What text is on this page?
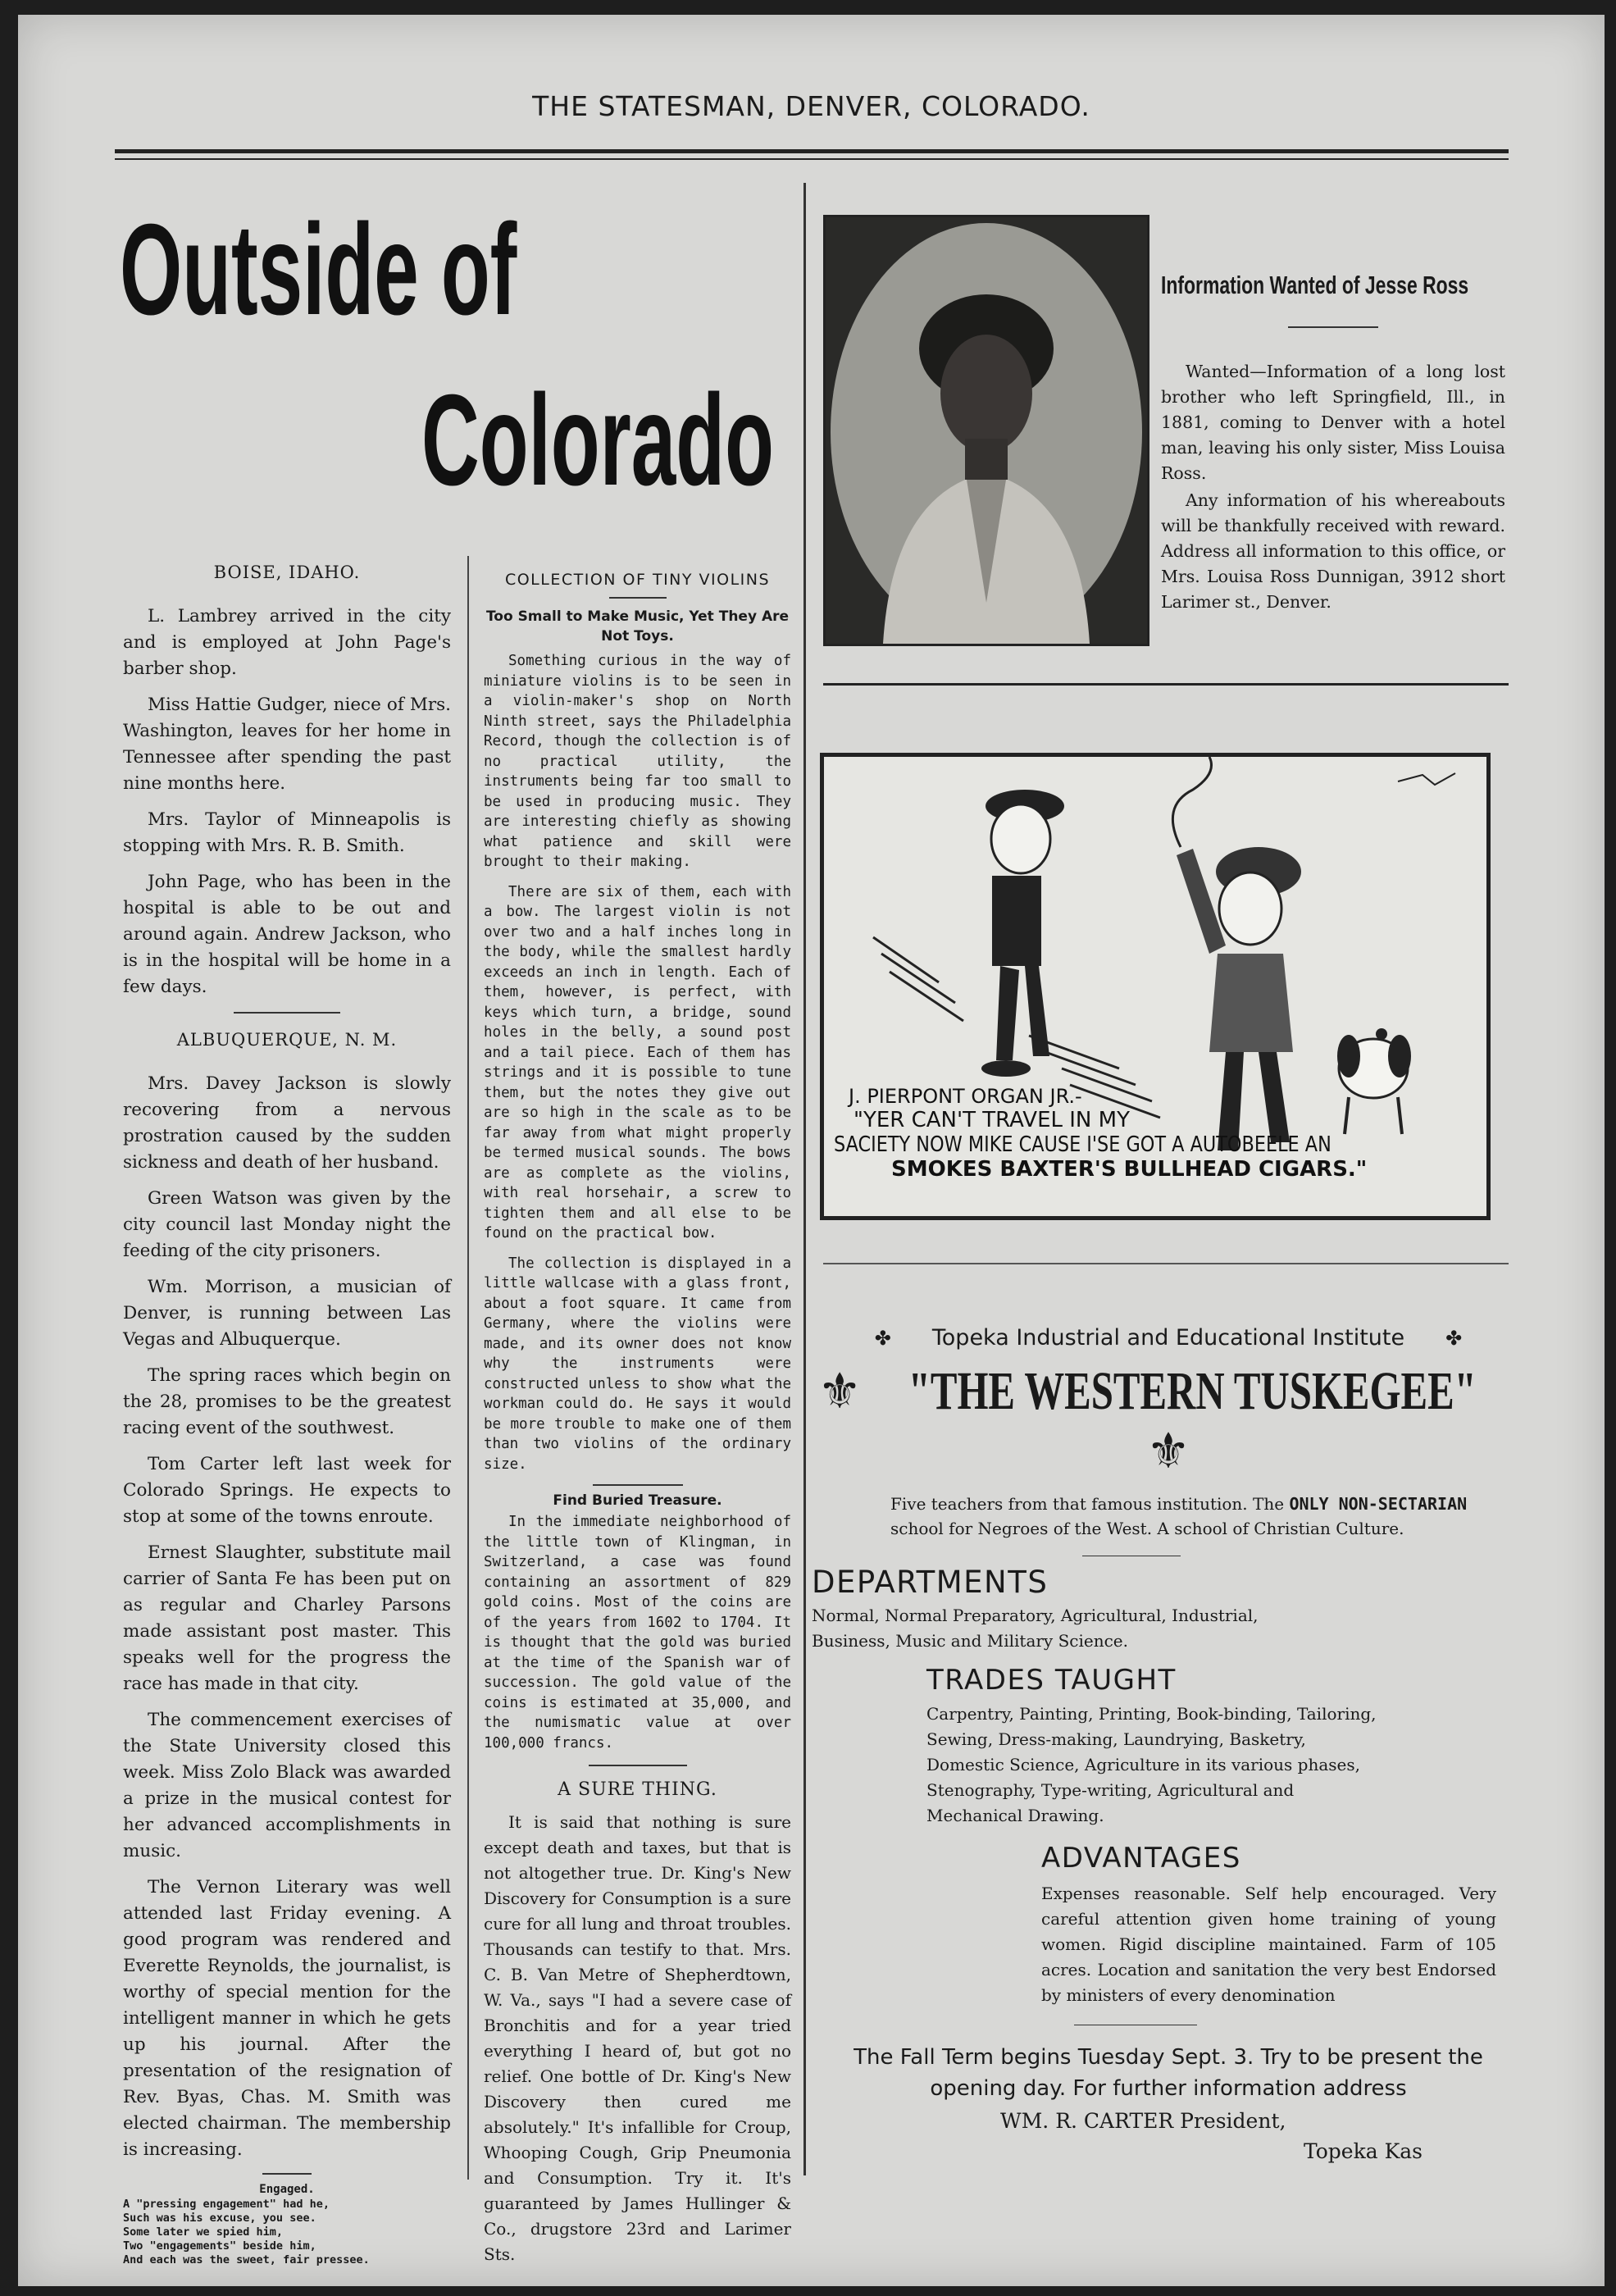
THE STATESMAN, DENVER, COLORADO.
Outside of
Colorado
BOISE, IDAHO.

L. Lambrey arrived in the city and is employed at John Page's barber shop.

Miss Hattie Gudger, niece of Mrs. Washington, leaves for her home in Tennessee after spending the past nine months here.

Mrs. Taylor of Minneapolis is stopping with Mrs. R. B. Smith.

John Page, who has been in the hospital is able to be out and around again. Andrew Jackson, who is in the hospital will be home in a few days.

ALBUQUERQUE, N. M.

Mrs. Davey Jackson is slowly recovering from a nervous prostration caused by the sudden sickness and death of her husband.

Green Watson was given by the city council last Monday night the feeding of the city prisoners.

Wm. Morrison, a musician of Denver, is running between Las Vegas and Albuquerque.

The spring races which begin on the 28, promises to be the greatest racing event of the southwest.

Tom Carter left last week for Colorado Springs. He expects to stop at some of the towns enroute.

Ernest Slaughter, substitute mail carrier of Santa Fe has been put on as regular and Charley Parsons made assistant post master. This speaks well for the progress the race has made in that city.

The commencement exercises of the State University closed this week. Miss Zolo Black was awarded a prize in the musical contest for her advanced accomplishments in music.

The Vernon Literary was well attended last Friday evening. A good program was rendered and Everette Reynolds, the journalist, is worthy of special mention for the intelligent manner in which he gets up his journal. After the presentation of the resignation of Rev. Byas, Chas. M. Smith was elected chairman. The membership is increasing.

Engaged.
A "pressing engagement" had he,
Such was his excuse, you see.
Some later we spied him,
Two "engagements" beside him,
And each was the sweet, fair pressee.
COLLECTION OF TINY VIOLINS
Too Small to Make Music, Yet They Are Not Toys.

Something curious in the way of miniature violins is to be seen in a violin-maker's shop on North Ninth street, says the Philadelphia Record, though the collection is of no practical utility, the instruments being far too small to be used in producing music. They are interesting chiefly as showing what patience and skill were brought to their making.

There are six of them, each with a bow. The largest violin is not over two and a half inches long in the body, while the smallest hardly exceeds an inch in length. Each of them, however, is perfect, with keys which turn, a bridge, sound holes in the belly, a sound post and a tail piece. Each of them has strings and it is possible to tune them, but the notes they give out are so high in the scale as to be far away from what might properly be termed musical sounds. The bows are as complete as the violins, with real horsehair, a screw to tighten them and all else to be found on the practical bow.

The collection is displayed in a little wallcase with a glass front, about a foot square. It came from Germany, where the violins were made, and its owner does not know why the instruments were constructed unless to show what the workman could do. He says it would be more trouble to make one of them than two violins of the ordinary size.

Find Buried Treasure.

In the immediate neighborhood of the little town of Klingman, in Switzerland, a case was found containing an assortment of 829 gold coins. Most of the coins are of the years from 1602 to 1704. It is thought that the gold was buried at the time of the Spanish war of succession. The gold value of the coins is estimated at 35,000, and the numismatic value at over 100,000 francs.

A SURE THING.

It is said that nothing is sure except death and taxes, but that is not altogether true. Dr. King's New Discovery for Consumption is a sure cure for all lung and throat troubles. Thousands can testify to that. Mrs. C. B. Van Metre of Shepherdtown, W. Va., says "I had a severe case of Bronchitis and for a year tried everything I heard of, but got no relief. One bottle of Dr. King's New Discovery then cured me absolutely." It's infallible for Croup, Whooping Cough, Grip Pneumonia and Consumption. Try it. It's guaranteed by James Hullinger & Co., drugstore 23rd and Larimer Sts.

Information Wanted of Jesse Ross

Wanted—Information of a long lost brother who left Springfield, Ill., in 1881, coming to Denver with a hotel man, leaving his only sister, Miss Louisa Ross.

Any information of his whereabouts will be thankfully received with reward. Address all information to this office, or Mrs. Louisa Ross Dunnigan, 3912 short Larimer st., Denver.

J. PIERPONT ORGAN JR.-
"YER CAN'T TRAVEL IN MY
SACIETY NOW MIKE CAUSE I'SE GOT A AUTOBEELE AN
SMOKES BAXTER'S BULLHEAD CIGARS."
✤ Topeka Industrial and Educational Institute ✤
⚜ "THE WESTERN TUSKEGEE" ⚜
Five teachers from that famous institution. The ONLY NON-SECTARIAN school for Negroes of the West. A school of Christian Culture.
DEPARTMENTS
Normal, Normal Preparatory, Agricultural, Industrial, Business, Music and Military Science.
TRADES TAUGHT
Carpentry, Painting, Printing, Book-binding, Tailoring, Sewing, Dress-making, Laundrying, Basketry, Domestic Science, Agriculture in its various phases, Stenography, Type-writing, Agricultural and Mechanical Drawing.
ADVANTAGES
Expenses reasonable. Self help encouraged. Very careful attention given home training of young women. Rigid discipline maintained. Farm of 105 acres. Location and sanitation the very best Endorsed by ministers of every denomination
The Fall Term begins Tuesday Sept. 3. Try to be present the opening day. For further information address
WM. R. CARTER President,
Topeka Kas
